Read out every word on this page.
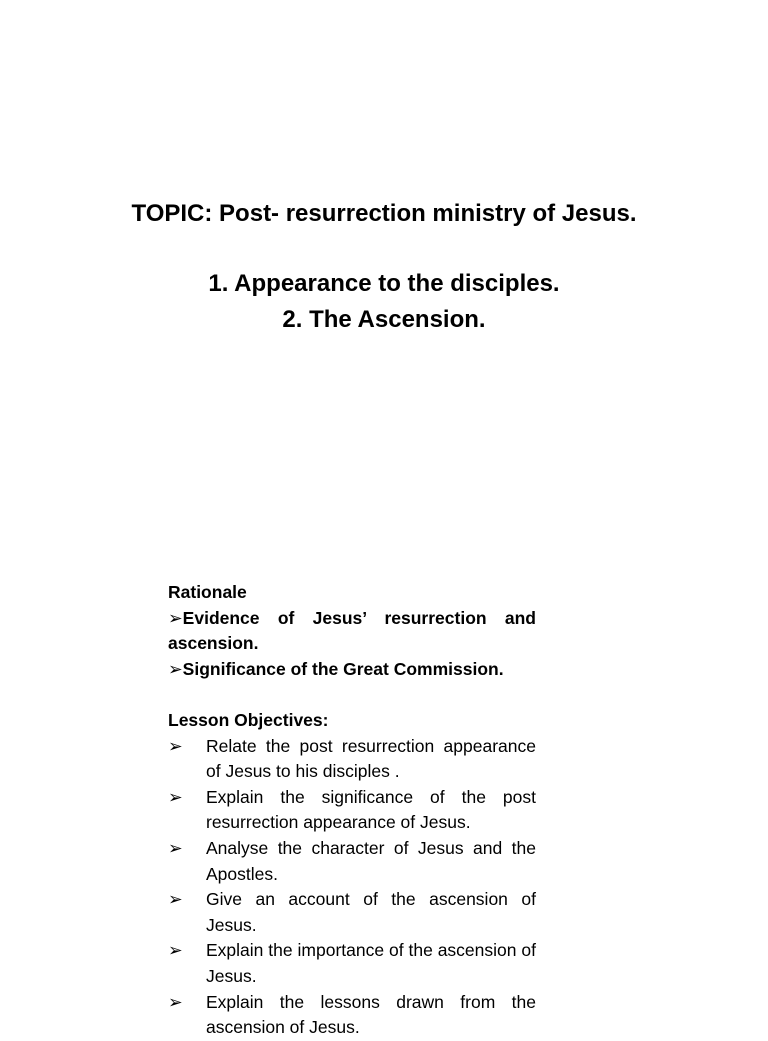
TOPIC: Post- resurrection ministry of Jesus.
1. Appearance to the disciples.
2. The Ascension.
Rationale
➢Evidence of Jesus’ resurrection and ascension.
➢Significance of the Great Commission.
Lesson Objectives:
➢ Relate the post resurrection appearance of Jesus to his disciples .
➢ Explain the significance of the post resurrection appearance of Jesus.
➢ Analyse the character of Jesus and the Apostles.
➢ Give an account of the ascension of Jesus.
➢ Explain the importance of the ascension of Jesus.
➢ Explain the lessons drawn from the ascension of Jesus.
